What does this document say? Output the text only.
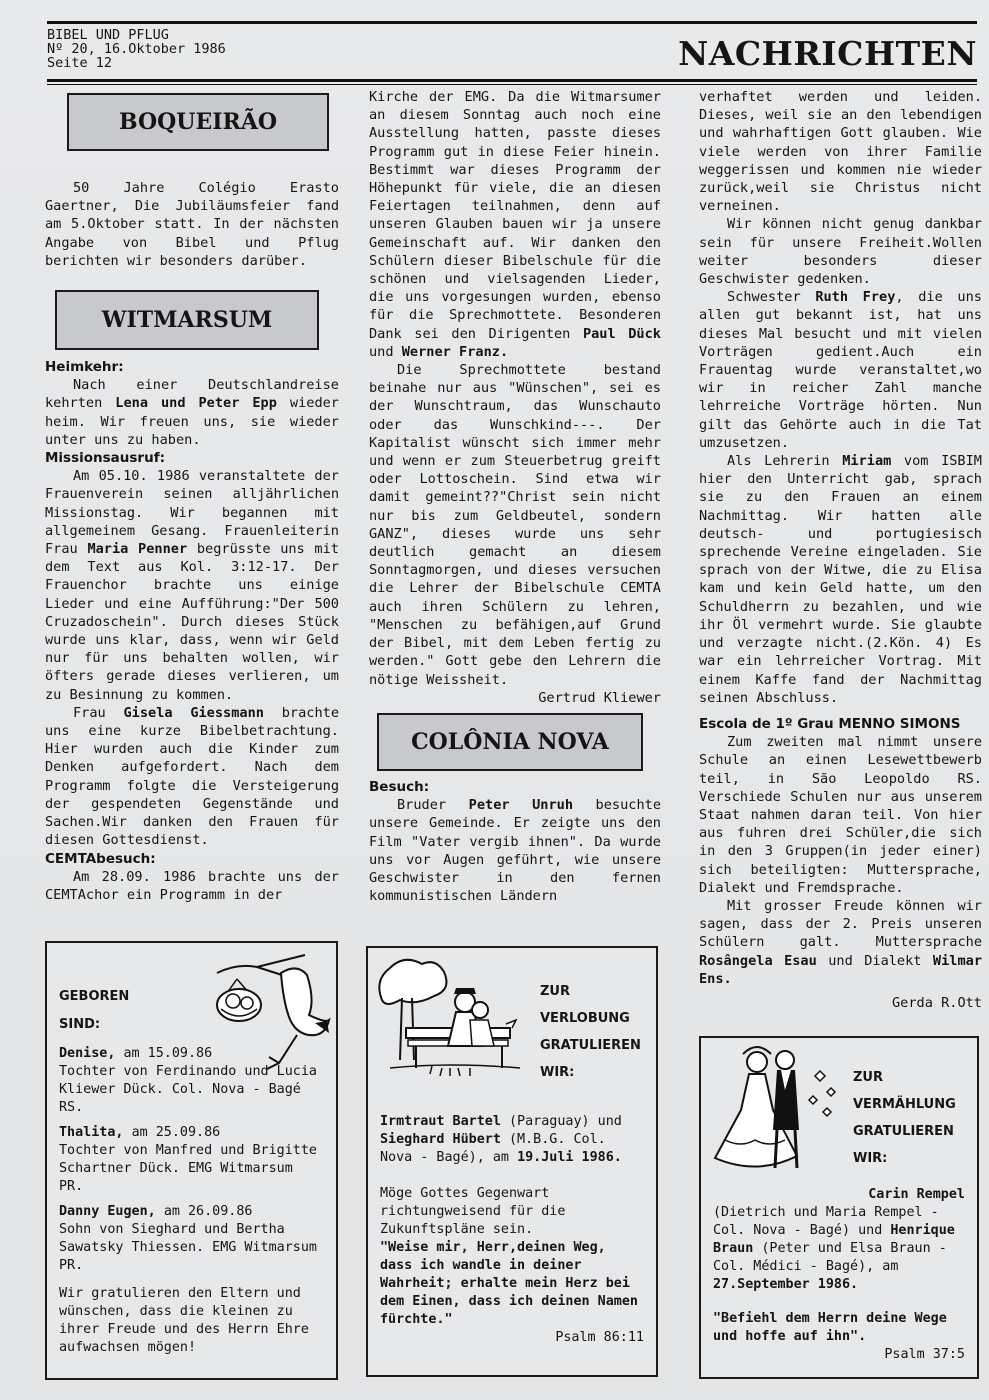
BIBEL UND PFLUG
Nº 20, 16.Oktober 1986
Seite 12	NACHRICHTEN
BOQUEIRÃO

50 Jahre Colégio Erasto Gaertner, Die Jubiläumsfeier fand am 5.Oktober statt. In der nächsten Angabe von Bibel und Pflug berichten wir besonders darüber.

WITMARSUM

Heimkehr:

Nach einer Deutschlandreise kehrten Lena und Peter Epp wieder heim. Wir freuen uns, sie wieder unter uns zu haben.

Missionsausruf:

Am 05.10. 1986 veranstaltete der Frauenverein seinen alljährlichen Missionstag. Wir begannen mit allgemeinem Gesang. Frauenleiterin Frau Maria Penner begrüsste uns mit dem Text aus Kol. 3:12-17. Der Frauenchor brachte uns einige Lieder und eine Aufführung:"Der 500 Cruzadoschein". Durch dieses Stück wurde uns klar, dass, wenn wir Geld nur für uns behalten wollen, wir öfters gerade dieses verlieren, um zu Besinnung zu kommen.

Frau Gisela Giessmann brachte uns eine kurze Bibelbetrachtung. Hier wurden auch die Kinder zum Denken aufgefordert. Nach dem Programm folgte die Versteigerung der gespendeten Gegenstände und Sachen.Wir danken den Frauen für diesen Gottesdienst.

CEMTAbesuch:

Am 28.09. 1986 brachte uns der CEMTAchor ein Programm in der

Kirche der EMG. Da die Witmarsumer an diesem Sonntag auch noch eine Ausstellung hatten, passte dieses Programm gut in diese Feier hinein. Bestimmt war dieses Programm der Höhepunkt für viele, die an diesen Feiertagen teilnahmen, denn auf unseren Glauben bauen wir ja unsere Gemeinschaft auf. Wir danken den Schülern dieser Bibelschule für die schönen und vielsagenden Lieder, die uns vorgesungen wurden, ebenso für die Sprechmottete. Besonderen Dank sei den Dirigenten Paul Dück und Werner Franz.

Die Sprechmottete bestand beinahe nur aus "Wünschen", sei es der Wunschtraum, das Wunschauto oder das Wunschkind---. Der Kapitalist wünscht sich immer mehr und wenn er zum Steuerbetrug greift oder Lottoschein. Sind etwa wir damit gemeint??"Christ sein nicht nur bis zum Geldbeutel, sondern GANZ", dieses wurde uns sehr deutlich gemacht an diesem Sonntagmorgen, und dieses versuchen die Lehrer der Bibelschule CEMTA auch ihren Schülern zu lehren, "Menschen zu befähigen,auf Grund der Bibel, mit dem Leben fertig zu werden." Gott gebe den Lehrern die nötige Weissheit.

Gertrud Kliewer

COLÔNIA NOVA

Besuch:

Bruder Peter Unruh besuchte unsere Gemeinde. Er zeigte uns den Film "Vater vergib ihnen". Da wurde uns vor Augen geführt, wie unsere Geschwister in den fernen kommunistischen Ländern

verhaftet werden und leiden. Dieses, weil sie an den lebendigen und wahrhaftigen Gott glauben. Wie viele werden von ihrer Familie weggerissen und kommen nie wieder zurück,weil sie Christus nicht verneinen.

Wir können nicht genug dankbar sein für unsere Freiheit.Wollen weiter besonders dieser Geschwister gedenken.

Schwester Ruth Frey, die uns allen gut bekannt ist, hat uns dieses Mal besucht und mit vielen Vorträgen gedient.Auch ein Frauentag wurde veranstaltet,wo wir in reicher Zahl manche lehrreiche Vorträge hörten. Nun gilt das Gehörte auch in die Tat umzusetzen.

Als Lehrerin Miriam vom ISBIM hier den Unterricht gab, sprach sie zu den Frauen an einem Nachmittag. Wir hatten alle deutsch- und portugiesisch sprechende Vereine eingeladen. Sie sprach von der Witwe, die zu Elisa kam und kein Geld hatte, um den Schuldherrn zu bezahlen, und wie ihr Öl vermehrt wurde. Sie glaubte und verzagte nicht.(2.Kön. 4) Es war ein lehrreicher Vortrag. Mit einem Kaffe fand der Nachmittag seinen Abschluss.

Escola de 1º Grau MENNO SIMONS

Zum zweiten mal nimmt unsere Schule an einen Lesewettbewerb teil, in São Leopoldo RS. Verschiede Schulen nur aus unserem Staat nahmen daran teil. Von hier aus fuhren drei Schüler,die sich in den 3 Gruppen(in jeder einer) sich beteiligten: Muttersprache, Dialekt und Fremdsprache.

Mit grosser Freude können wir sagen, dass der 2. Preis unseren Schülern galt. Muttersprache Rosângela Esau und Dialekt Wilmar Ens.

Gerda R.Ott

GEBOREN

SIND:

Denise, am 15.09.86

Tochter von Ferdinando und Lucia Kliewer Dück. Col. Nova - Bagé RS.

Thalita, am 25.09.86

Tochter von Manfred und Brigitte Schartner Dück. EMG Witmarsum PR.

Danny Eugen, am 26.09.86

Sohn von Sieghard und Bertha Sawatsky Thiessen. EMG Witmarsum PR.

Wir gratulieren den Eltern und wünschen, dass die kleinen zu ihrer Freude und des Herrn Ehre aufwachsen mögen!

ZUR

VERLOBUNG

GRATULIEREN

WIR:

Irmtraut Bartel (Paraguay) und Sieghard Hübert (M.B.G. Col. Nova - Bagé), am 19.Juli 1986.

Möge Gottes Gegenwart richtungweisend für die Zukunftspläne sein.

"Weise mir, Herr,deinen Weg, dass ich wandle in deiner Wahrheit; erhalte mein Herz bei dem Einen, dass ich deinen Namen fürchte."

Psalm 86:11

ZUR

VERMÄHLUNG

GRATULIEREN

WIR:

Carin Rempel

(Dietrich und Maria Rempel - Col. Nova - Bagé) und Henrique Braun (Peter und Elsa Braun - Col. Médici - Bagé), am 27.September 1986.

"Befiehl dem Herrn deine Wege und hoffe auf ihn".

Psalm 37:5
